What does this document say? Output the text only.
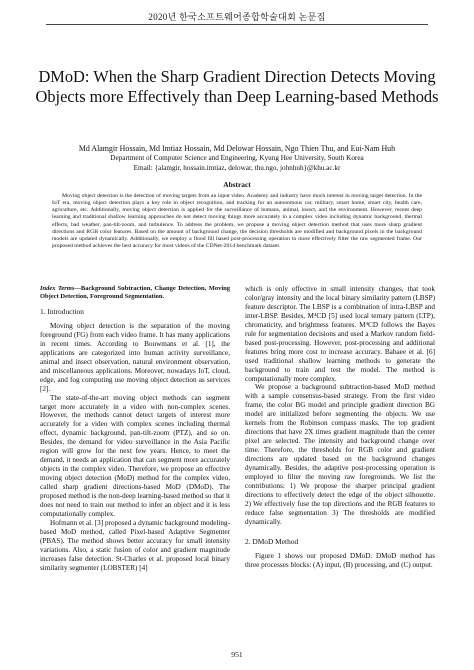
2020년 한국소프트웨어종합학술대회 논문집
DMoD: When the Sharp Gradient Direction Detects Moving Objects more Effectively than Deep Learning-based Methods
Md Alamgir Hossain, Md Imtiaz Hossain, Md Delowar Hossain, Ngo Thien Thu, and Eui-Nam Huh
Department of Computer Science and Engineering, Kyung Hee University, South Korea
Email: {alamgir, hossain.imtiaz, delowar, thu.ngo, johnhuh}@khu.ac.kr
Abstract

Moving object detection is the detection of moving targets from an input video. Academy and industry have much interest in moving target detection. In the IoT era, moving object detection plays a key role in object recognition, and tracking for an autonomous car, military, smart home, smart city, health care, agriculture, etc. Additionally, moving object detection is applied for the surveillance of humans, animal, insect, and the environment. However, recent deep learning and traditional shallow learning approaches do not detect moving things more accurately in a complex video including dynamic background, thermal effects, bad weather, pan-tilt-zoom, and turbulence. To address the problem, we propose a moving object detection method that uses more sharp gradient directions and RGB color features. Based on the amount of background change, the decision thresholds are modified and background pixels in the background models are updated dynamically. Additionally, we employ a flood fill based post-processing operation to more effectively filter the raw segmented frame. Our proposed method achieves the best accuracy for most videos of the CDNet-2014 benchmark dataset.

Index Terms—Background Subtraction, Change Detection, Moving Object Detection, Foreground Segmentation.

1. Introduction

Moving object detection is the separation of the moving foreground (FG) from each video frame. It has many applications in recent times. According to Bouwmans et al. [1], the applications are categorized into human activity surveillance, animal and insect observation, natural environment observation, and miscellaneous applications. Moreover, nowadays IoT, cloud, edge, and fog computing use moving object detection as services [2].

The state-of-the-art moving object methods can segment target more accurately in a video with non-complex scenes. However, the methods cannot detect targets of interest more accurately for a video with complex scenes including thermal effect, dynamic background, pan-tilt-zoom (PTZ), and so on. Besides, the demand for video surveillance in the Asia Pacific region will grow for the next few years. Hence, to meet the demand, it needs an application that can segment more accurately objects in the complex video. Therefore, we propose an effective moving object detection (MoD) method for the complex video, called sharp gradient directions-based MoD (DMoD). The proposed method is the non-deep learning-based method so that it does not need to train our method to infer an object and it is less computationally complex.

Hofmann et al. [3] proposed a dynamic background modeling-based MoD method, called Pixel-based Adaptive Segmenter (PBAS). The method shows better accuracy for small intensity variations. Also, a static fusion of color and gradient magnitude increases false detection. St-Charles et al. proposed local binary similarity segmenter (LOBSTER) [4]

which is only effective in small intensity changes, that took color/gray intensity and the local binary similarity pattern (LBSP) feature descriptor. The LBSP is a combination of intra-LBSP and inter-LBSP. Besides, M⁴CD [5] used local ternary pattern (LTP), chromaticity, and brightness features. M⁴CD follows the Bayes rule for segmentation decisions and used a Markov random field-based post-processing. However, post-processing and additional features bring more cost to increase accuracy. Babaee et al. [6] used traditional shallow learning methods to generate the background to train and test the model. The method is computationally more complex.

We propose a background subtraction-based MoD method with a sample consensus-based strategy. From the first video frame, the color BG model and principle gradient direction BG model are initialized before segmenting the objects. We use kernels from the Robinson compass masks. The top gradient directions that have 2X times gradient magnitude than the center pixel are selected. The intensity and background change over time. Therefore, the thresholds for RGB color and gradient directions are updated based on the background changes dynamically. Besides, the adaptive post-processing operation is employed to filter the moving raw foregrounds. We list the contributions: 1) We propose the sharper principal gradient directions to effectively detect the edge of the object silhouette. 2) We effectively fuse the top directions and the RGB features to reduce false segmentation 3) The thresholds are modified dynamically.

2. DMoD Method

Figure 1 shows our proposed DMoD. DMoD method has three processes blocks: (A) input, (B) processing, and (C) output.

951
